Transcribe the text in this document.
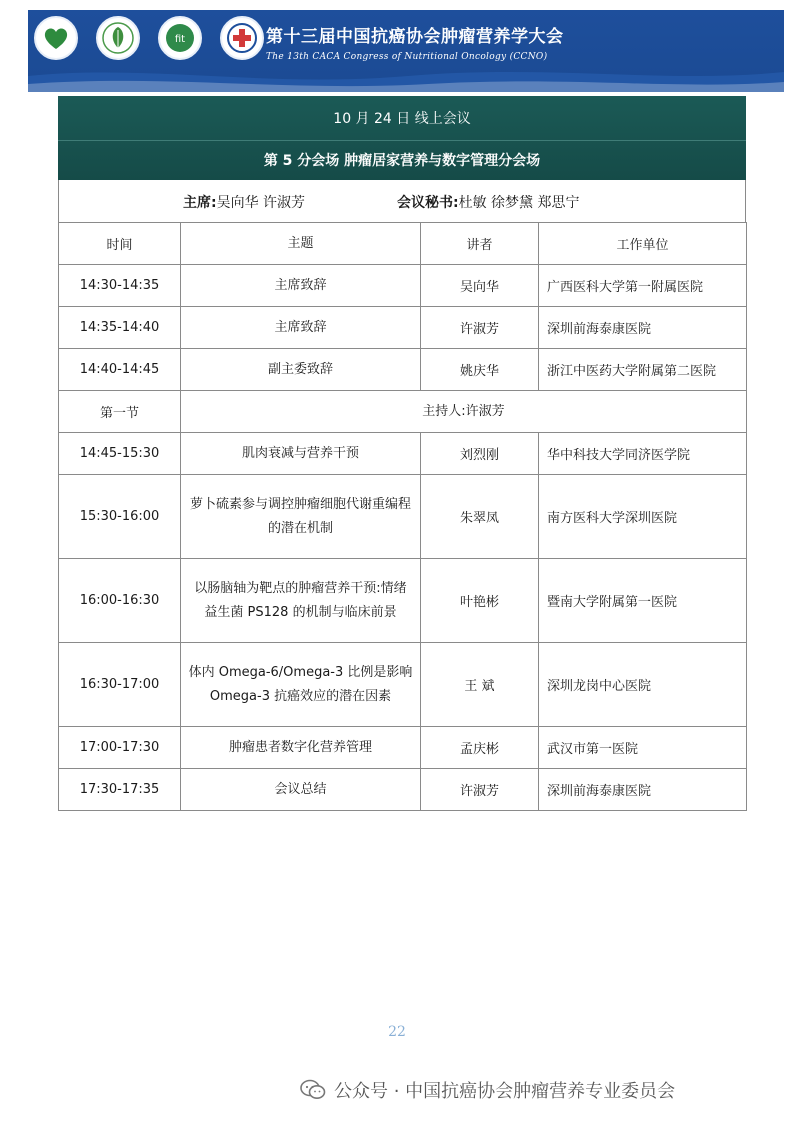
fit	第十三届中国抗癌协会肿瘤营养学大会
The 13th CACA Congress of Nutritional Oncology (CCNO)
10 月 24 日 线上会议
第 5 分会场 肿瘤居家营养与数字管理分会场
主席:吴向华 许淑芳	会议秘书:杜敏 徐梦黛 郑思宁
时间	主题	讲者	工作单位
14:30-14:35	主席致辞	吴向华	广西医科大学第一附属医院
14:35-14:40	主席致辞	许淑芳	深圳前海泰康医院
14:40-14:45	副主委致辞	姚庆华	浙江中医药大学附属第二医院
第一节	主持人:许淑芳		
14:45-15:30	肌肉衰减与营养干预	刘烈刚	华中科技大学同济医学院
15:30-16:00	萝卜硫素参与调控肿瘤细胞代谢重编程
的潜在机制	朱翠凤	南方医科大学深圳医院
16:00-16:30	以肠脑轴为靶点的肿瘤营养干预:情绪
益生菌 PS128 的机制与临床前景	叶艳彬	暨南大学附属第一医院
16:30-17:00	体内 Omega-6/Omega-3 比例是影响
Omega-3 抗癌效应的潜在因素	王 斌	深圳龙岗中心医院
17:00-17:30	肿瘤患者数字化营养管理	孟庆彬	武汉市第一医院
17:30-17:35	会议总结	许淑芳	深圳前海泰康医院
22
公众号 · 中国抗癌协会肿瘤营养专业委员会
